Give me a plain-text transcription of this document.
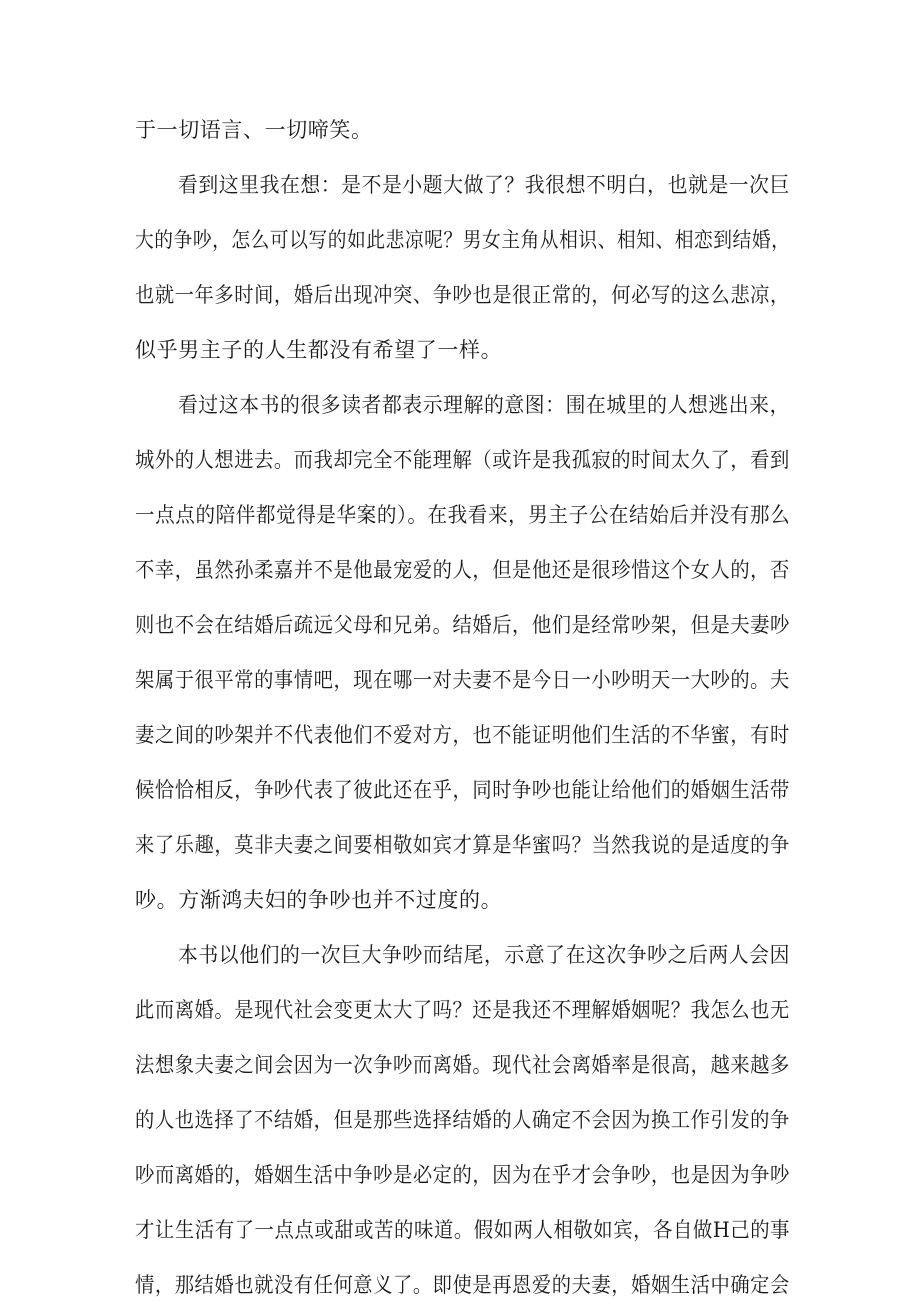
于一切语言、一切啼笑。
看到这里我在想：是不是小题大做了？我很想不明白，也就是一次巨
大的争吵，怎么可以写的如此悲凉呢？男女主角从相识、相知、相恋到结婚，
也就一年多时间，婚后出现冲突、争吵也是很正常的，何必写的这么悲凉，
似乎男主子的人生都没有希望了一样。
看过这本书的很多读者都表示理解的意图：围在城里的人想逃出来，
城外的人想进去。而我却完全不能理解（或许是我孤寂的时间太久了，看到
一点点的陪伴都觉得是华案的）。在我看来，男主子公在结始后并没有那么
不幸，虽然孙柔嘉并不是他最宠爱的人，但是他还是很珍惜这个女人的，否
则也不会在结婚后疏远父母和兄弟。结婚后，他们是经常吵架，但是夫妻吵
架属于很平常的事情吧，现在哪一对夫妻不是今日一小吵明天一大吵的。夫
妻之间的吵架并不代表他们不爱对方，也不能证明他们生活的不华蜜，有时
候恰恰相反，争吵代表了彼此还在乎，同时争吵也能让给他们的婚姻生活带
来了乐趣，莫非夫妻之间要相敬如宾才算是华蜜吗？当然我说的是适度的争
吵。方渐鸿夫妇的争吵也并不过度的。
本书以他们的一次巨大争吵而结尾，示意了在这次争吵之后两人会因
此而离婚。是现代社会变更太大了吗？还是我还不理解婚姻呢？我怎么也无
法想象夫妻之间会因为一次争吵而离婚。现代社会离婚率是很高，越来越多
的人也选择了不结婚，但是那些选择结婚的人确定不会因为换工作引发的争
吵而离婚的，婚姻生活中争吵是必定的，因为在乎才会争吵，也是因为争吵
才让生活有了一点点或甜或苦的味道。假如两人相敬如宾，各自做H己的事
情，那结婚也就没有任何意义了。即使是再恩爱的夫妻，婚姻生活中确定会
